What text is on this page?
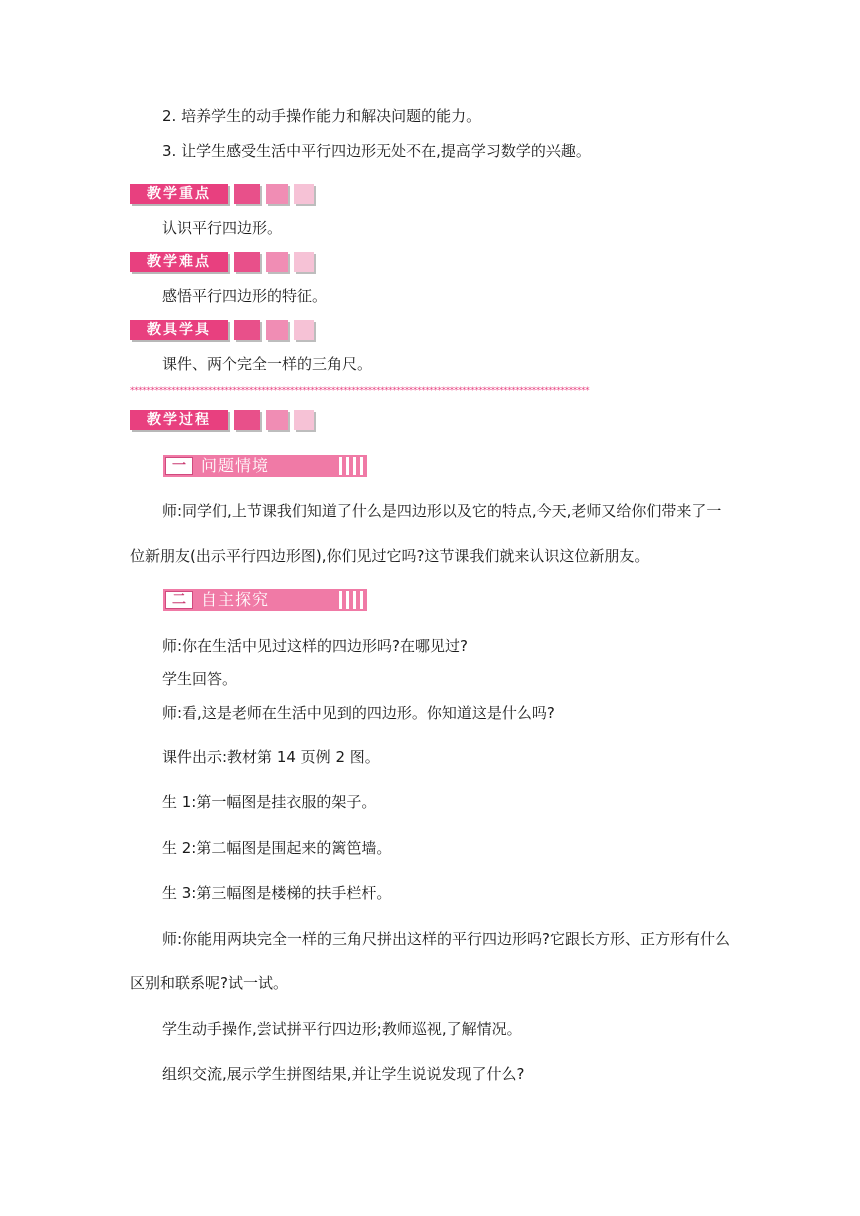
2. 培养学生的动手操作能力和解决问题的能力。
3. 让学生感受生活中平行四边形无处不在,提高学习数学的兴趣。
教学重点
认识平行四边形。
教学难点
感悟平行四边形的特征。
教具学具
课件、两个完全一样的三角尺。
****************************************************************************************************************
教学过程
一 问题情境
师:同学们,上节课我们知道了什么是四边形以及它的特点,今天,老师又给你们带来了一
位新朋友(出示平行四边形图),你们见过它吗?这节课我们就来认识这位新朋友。
二 自主探究
师:你在生活中见过这样的四边形吗?在哪见过?
学生回答。
师:看,这是老师在生活中见到的四边形。你知道这是什么吗?
课件出示:教材第 14 页例 2 图。
生 1:第一幅图是挂衣服的架子。
生 2:第二幅图是围起来的篱笆墙。
生 3:第三幅图是楼梯的扶手栏杆。
师:你能用两块完全一样的三角尺拼出这样的平行四边形吗?它跟长方形、正方形有什么
区别和联系呢?试一试。
学生动手操作,尝试拼平行四边形;教师巡视,了解情况。
组织交流,展示学生拼图结果,并让学生说说发现了什么?
